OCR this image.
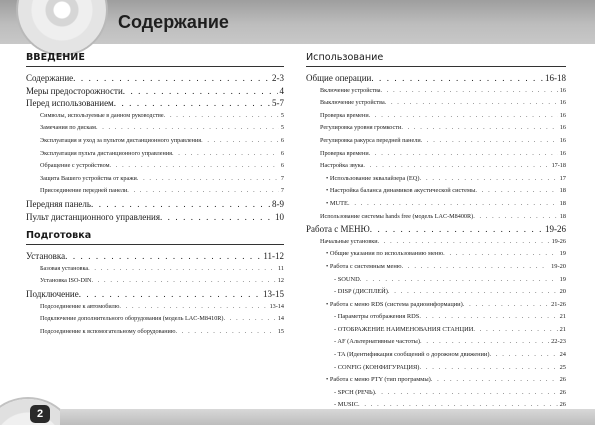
Содержание
ВВЕДЕНИЕ
Содержание . . .	2-3
Меры предосторожности . . .	4
Перед использованием . . .	5-7
Символы, используемые в данном руководстве . . .	5
Замечания по дискам . . .	5
Эксплуатация и уход за пультом дистанционного управления . . .	6
Эксплуатация пульта дистанционного управления . . .	6
Обращение с устройством . . .	6
Защита Вашего устройства от кражи . . .	7
Присоединение передней панели . . .	7
Передняя панель . . .	8-9
Пульт дистанционного управления . . .	10
Подготовка
Установка . . .	11-12
Базовая установка . . .	11
Установка ISO-DIN . . .	12
Подключение . . .	13-15
Подсоединение к автомобилю . . .	13-14
Подключение дополнительного оборудования (модель LAC-M8410R) . . .	14
Подсоединение к вспомогательному оборудованию . . .	15
Использование
Общие операции . . .	16-18
Включение устройства . . .	16
Выключение устройства . . .	16
Проверка времени . . .	16
Регулировка уровня громкости . . .	16
Регулировка ракурса передней панели . . .	16
Проверка времени . . .	16
Настройка звука . . .	17-18
• Использование эквалайзера (EQ) . . .	17
• Настройка баланса динамиков акустической системы . . .	18
• MUTE . . .	18
Использование системы hands free (модель LAC-M8400R) . . .	18
Работа с МЕНЮ . . .	19-26
Начальные установки . . .	19-26
• Общие указания по использованию меню . . .	19
• Работа с системным меню . . .	19-20
- SOUND . . .	19
- DISP (ДИСПЛЕЙ) . . .	20
• Работа с меню RDS (система радиоинформации) . . .	21-26
- Параметры отображения RDS . . .	21
- ОТОБРАЖЕНИЕ НАИМЕНОВАНИЯ СТАНЦИИ . . .	21
- AF (Альтернативные частоты) . . .	22-23
- TA (Идентификация сообщений о дорожном движении) . . .	24
- CONFIG (КОНФИГУРАЦИЯ) . . .	25
• Работа с меню PTY (тип программы) . . .	26
- SPCH (РЕЧЬ) . . .	26
- MUSIC . . .	26
2
